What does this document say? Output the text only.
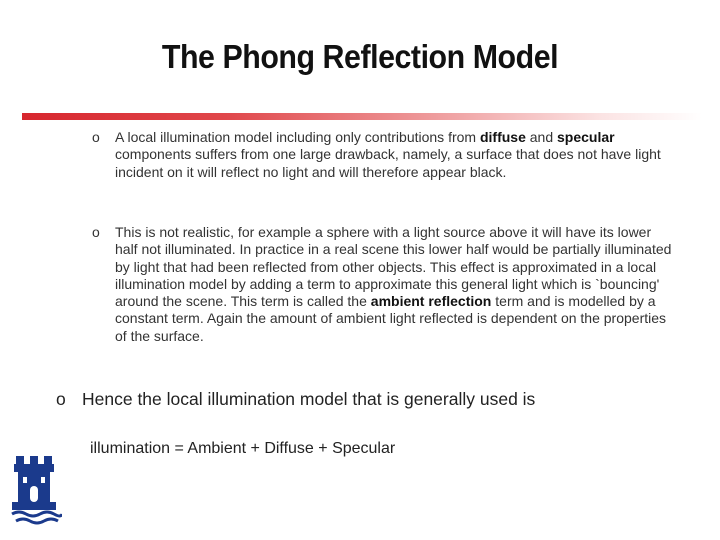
The Phong Reflection Model
o A local illumination model including only contributions from diffuse and specular components suffers from one large drawback, namely, a surface that does not have light incident on it will reflect no light and will therefore appear black.
o This is not realistic, for example a sphere with a light source above it will have its lower half not illuminated. In practice in a real scene this lower half would be partially illuminated by light that had been reflected from other objects. This effect is approximated in a local illumination model by adding a term to approximate this general light which is `bouncing' around the scene. This term is called the ambient reflection term and is modelled by a constant term. Again the amount of ambient light reflected is dependent on the properties of the surface.
o Hence the local illumination model that is generally used is
illumination = Ambient + Diffuse + Specular
